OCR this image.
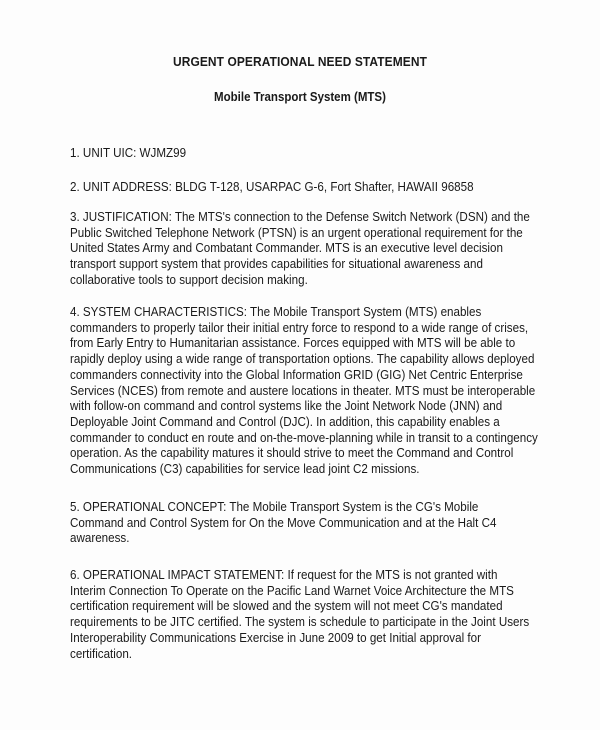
URGENT OPERATIONAL NEED STATEMENT
Mobile Transport System (MTS)
1. UNIT UIC: WJMZ99
2. UNIT ADDRESS: BLDG T-128, USARPAC G-6, Fort Shafter, HAWAII 96858
3. JUSTIFICATION: The MTS's connection to the Defense Switch Network (DSN) and the
Public Switched Telephone Network (PTSN) is an urgent operational requirement for the
United States Army and Combatant Commander. MTS is an executive level decision
transport support system that provides capabilities for situational awareness and
collaborative tools to support decision making.
4. SYSTEM CHARACTERISTICS: The Mobile Transport System (MTS) enables
commanders to properly tailor their initial entry force to respond to a wide range of crises,
from Early Entry to Humanitarian assistance. Forces equipped with MTS will be able to
rapidly deploy using a wide range of transportation options. The capability allows deployed
commanders connectivity into the Global Information GRID (GIG) Net Centric Enterprise
Services (NCES) from remote and austere locations in theater. MTS must be interoperable
with follow-on command and control systems like the Joint Network Node (JNN) and
Deployable Joint Command and Control (DJC). In addition, this capability enables a
commander to conduct en route and on-the-move-planning while in transit to a contingency
operation. As the capability matures it should strive to meet the Command and Control
Communications (C3) capabilities for service lead joint C2 missions.
5. OPERATIONAL CONCEPT: The Mobile Transport System is the CG's Mobile
Command and Control System for On the Move Communication and at the Halt C4
awareness.
6. OPERATIONAL IMPACT STATEMENT: If request for the MTS is not granted with
Interim Connection To Operate on the Pacific Land Warnet Voice Architecture the MTS
certification requirement will be slowed and the system will not meet CG's mandated
requirements to be JITC certified. The system is schedule to participate in the Joint Users
Interoperability Communications Exercise in June 2009 to get Initial approval for
certification.
